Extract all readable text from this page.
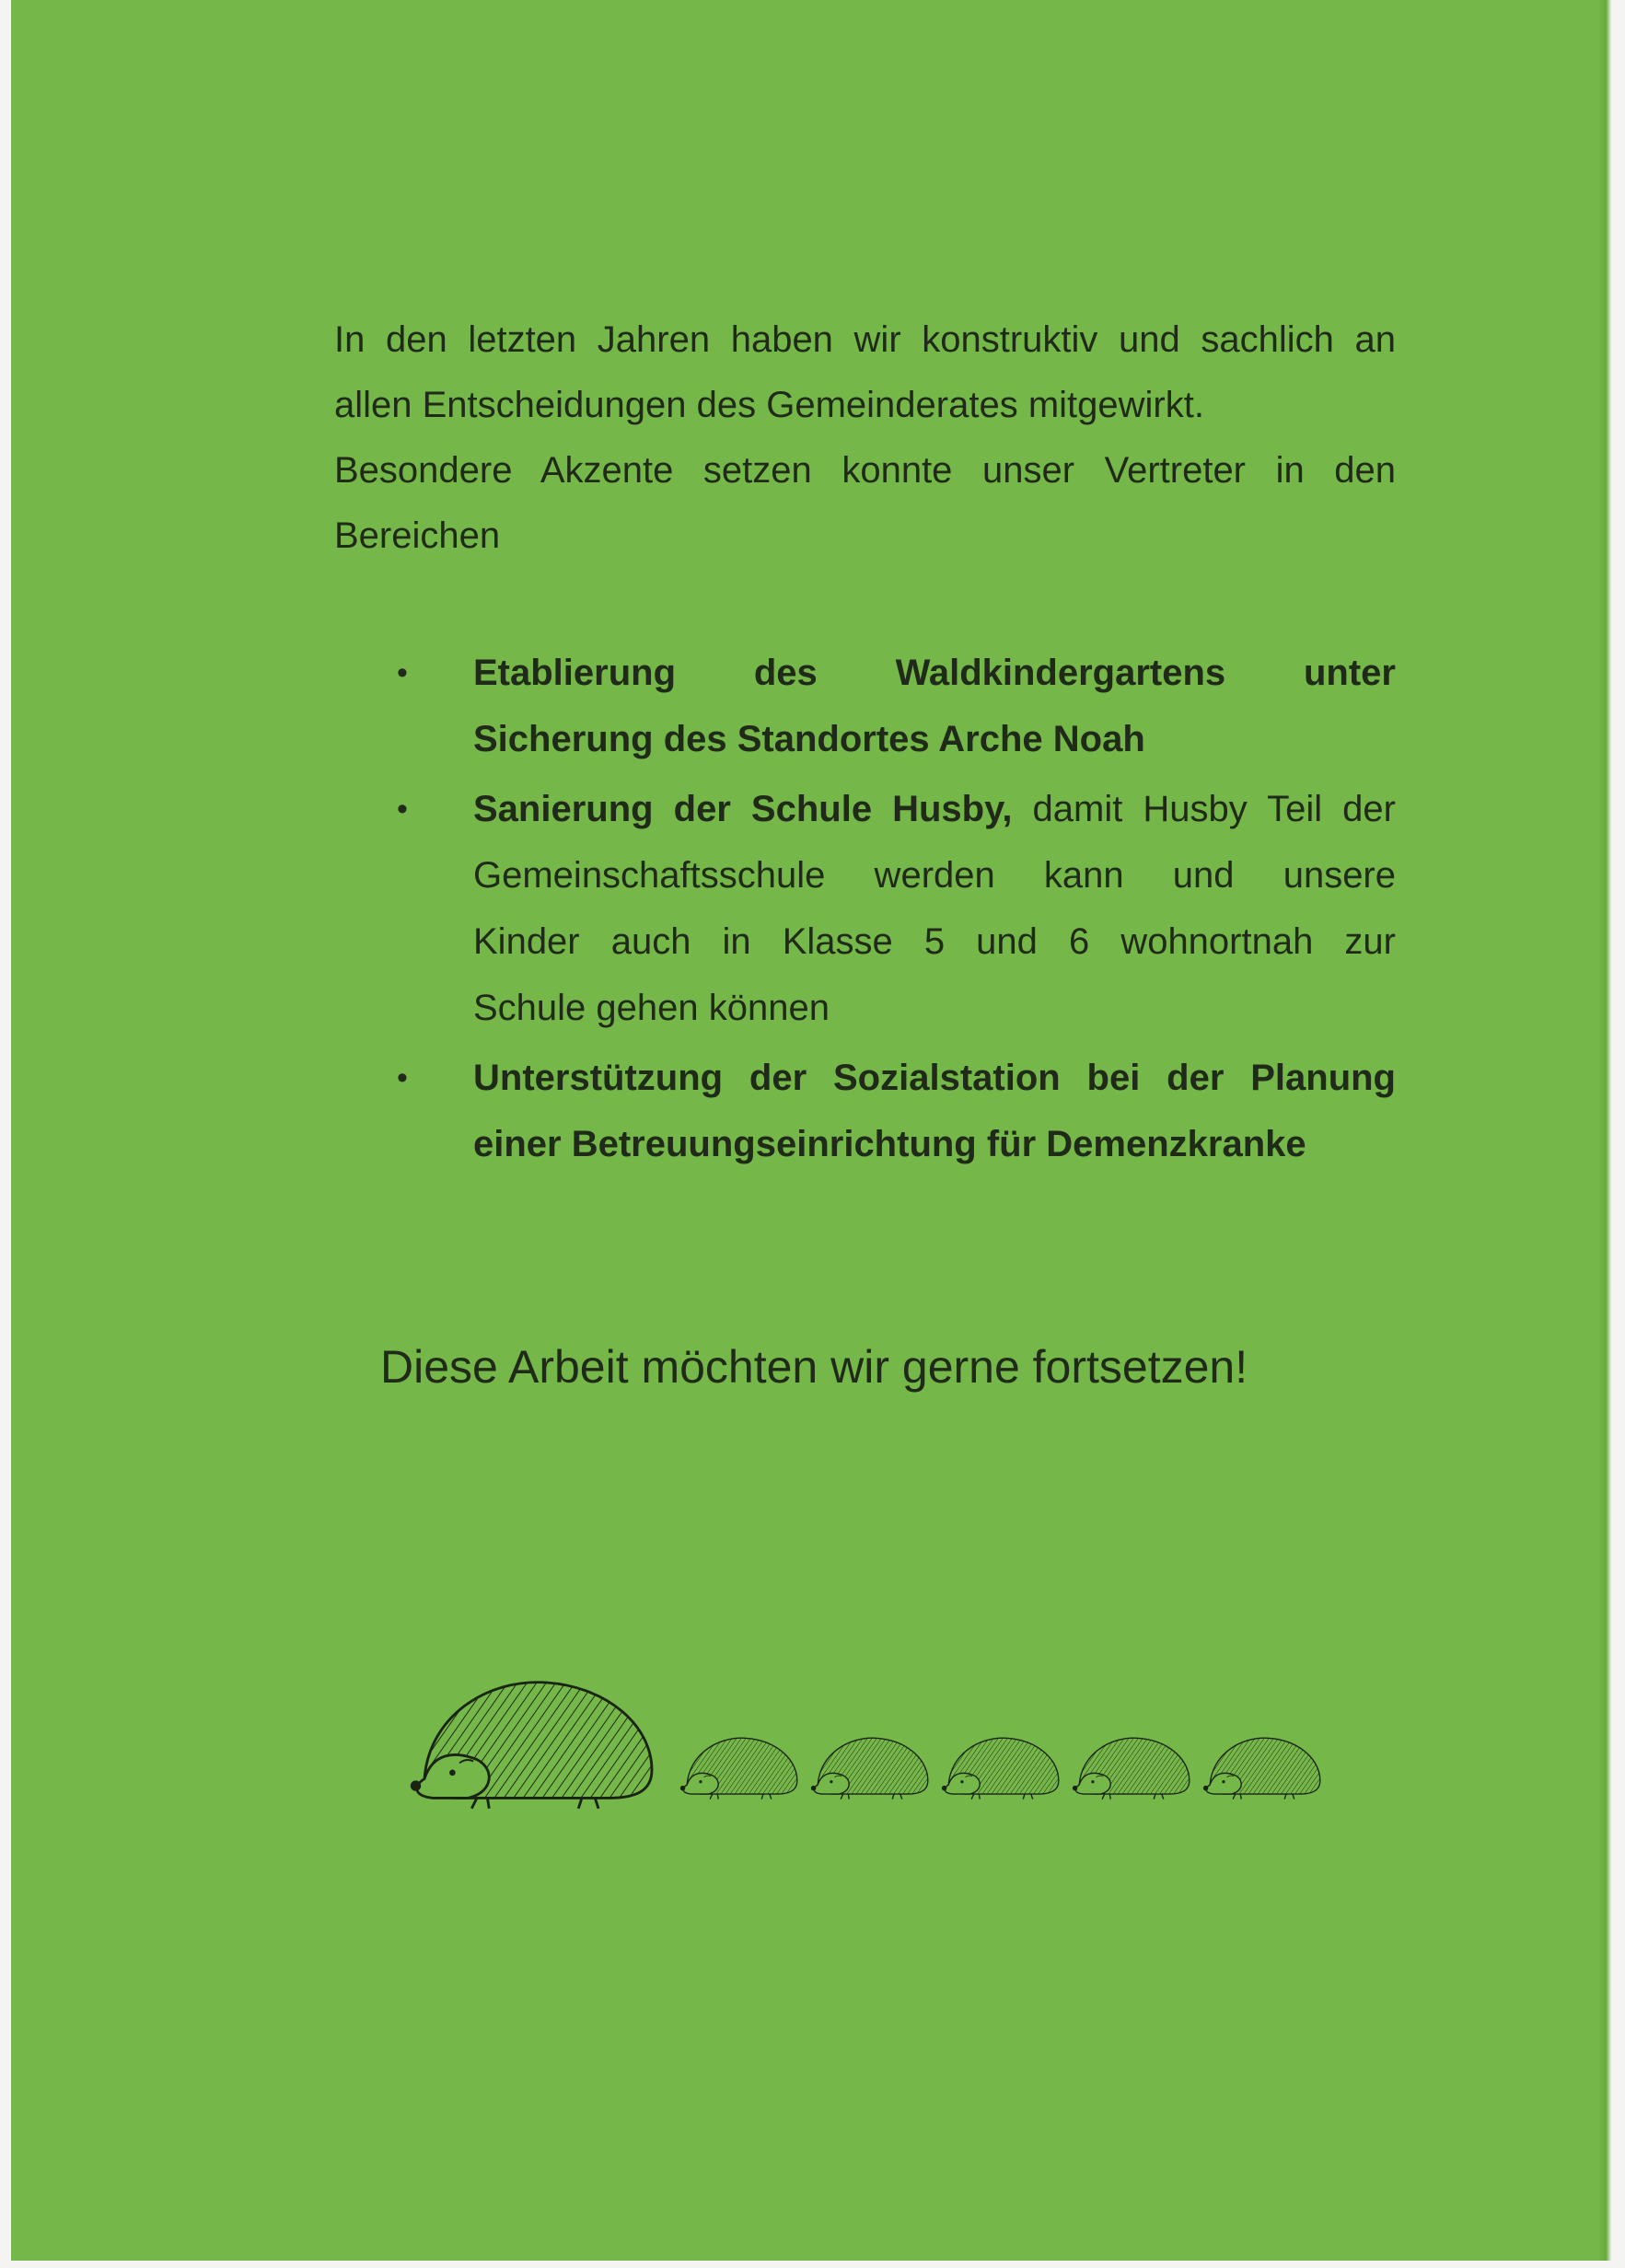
In den letzten Jahren haben wir konstruktiv und sachlich an
allen Entscheidungen des Gemeinderates mitgewirkt.
Besondere Akzente setzen konnte unser Vertreter in den
Bereichen

• Etablierung des Waldkindergartens unter
Sicherung des Standortes Arche Noah
• Sanierung der Schule Husby, damit Husby Teil der
Gemeinschaftsschule werden kann und unsere
Kinder auch in Klasse 5 und 6 wohnortnah zur
Schule gehen können
• Unterstützung der Sozialstation bei der Planung
einer Betreuungseinrichtung für Demenzkranke

Diese Arbeit möchten wir gerne fortsetzen!
